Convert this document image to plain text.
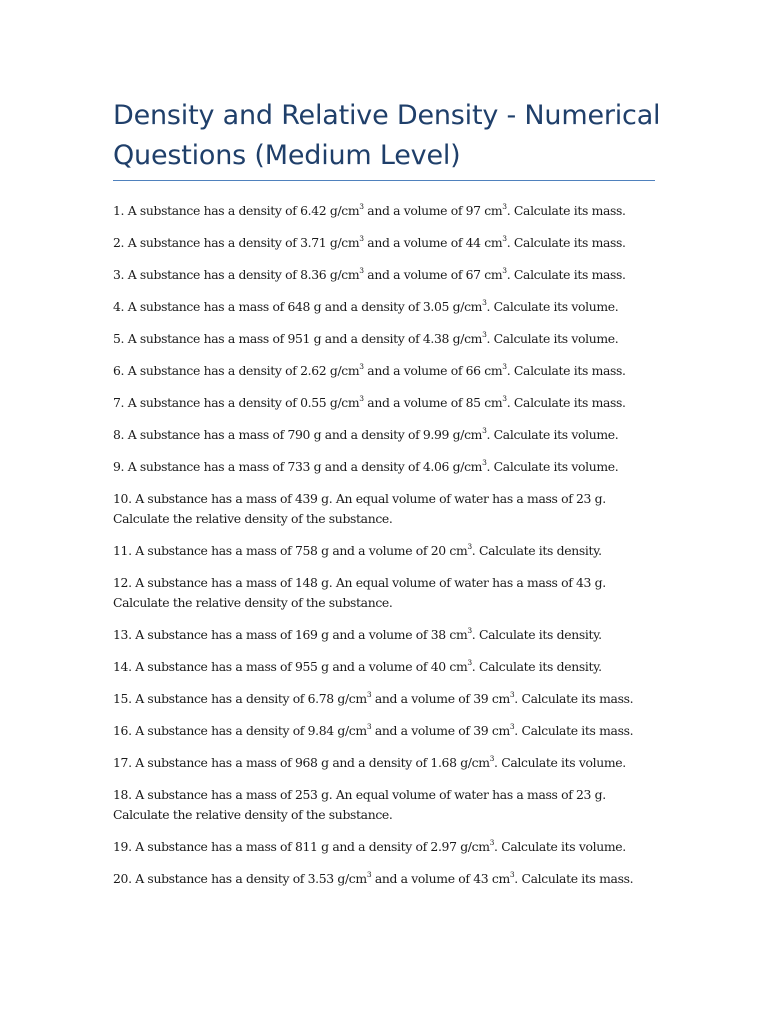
Density and Relative Density - Numerical Questions (Medium Level)
1. A substance has a density of 6.42 $g/cm^3$ and a volume of 97 $cm^3$. Calculate its mass.
2. A substance has a density of 3.71 $g/cm^3$ and a volume of 44 $cm^3$. Calculate its mass.
3. A substance has a density of 8.36 $g/cm^3$ and a volume of 67 $cm^3$. Calculate its mass.
4. A substance has a mass of 648 g and a density of 3.05 $g/cm^3$. Calculate its volume.
5. A substance has a mass of 951 g and a density of 4.38 $g/cm^3$. Calculate its volume.
6. A substance has a density of 2.62 $g/cm^3$ and a volume of 66 $cm^3$. Calculate its mass.
7. A substance has a density of 0.55 $g/cm^3$ and a volume of 85 $cm^3$. Calculate its mass.
8. A substance has a mass of 790 g and a density of 9.99 $g/cm^3$. Calculate its volume.
9. A substance has a mass of 733 g and a density of 4.06 $g/cm^3$. Calculate its volume.
10. A substance has a mass of 439 g. An equal volume of water has a mass of 23 g. Calculate the relative density of the substance.
11. A substance has a mass of 758 g and a volume of 20 $cm^3$. Calculate its density.
12. A substance has a mass of 148 g. An equal volume of water has a mass of 43 g. Calculate the relative density of the substance.
13. A substance has a mass of 169 g and a volume of 38 $cm^3$. Calculate its density.
14. A substance has a mass of 955 g and a volume of 40 $cm^3$. Calculate its density.
15. A substance has a density of 6.78 $g/cm^3$ and a volume of 39 $cm^3$. Calculate its mass.
16. A substance has a density of 9.84 $g/cm^3$ and a volume of 39 $cm^3$. Calculate its mass.
17. A substance has a mass of 968 g and a density of 1.68 $g/cm^3$. Calculate its volume.
18. A substance has a mass of 253 g. An equal volume of water has a mass of 23 g. Calculate the relative density of the substance.
19. A substance has a mass of 811 g and a density of 2.97 $g/cm^3$. Calculate its volume.
20. A substance has a density of 3.53 $g/cm^3$ and a volume of 43 $cm^3$. Calculate its mass.
